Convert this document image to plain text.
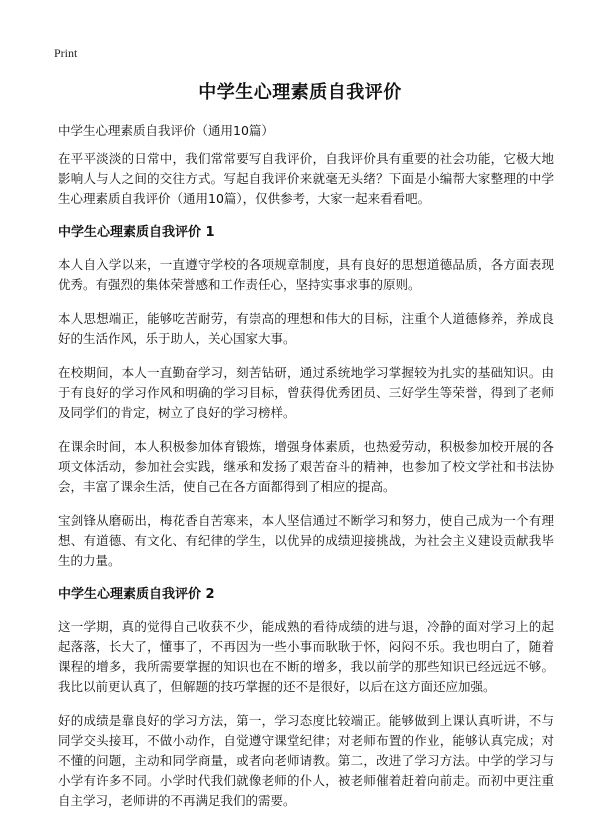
Print
中学生心理素质自我评价
中学生心理素质自我评价（通用10篇）

在平平淡淡的日常中，我们常常要写自我评价，自我评价具有重要的社会功能，它极大地影响人与人之间的交往方式。写起自我评价来就毫无头绪？下面是小编帮大家整理的中学生心理素质自我评价（通用10篇），仅供参考，大家一起来看看吧。

中学生心理素质自我评价 1

本人自入学以来，一直遵守学校的各项规章制度，具有良好的思想道德品质，各方面表现优秀。有强烈的集体荣誉感和工作责任心，坚持实事求事的原则。

本人思想端正，能够吃苦耐劳，有崇高的理想和伟大的目标，注重个人道德修养，养成良好的生活作风，乐于助人，关心国家大事。

在校期间，本人一直勤奋学习，刻苦钻研，通过系统地学习掌握较为扎实的基础知识。由于有良好的学习作风和明确的学习目标，曾获得优秀团员、三好学生等荣誉，得到了老师及同学们的肯定，树立了良好的学习榜样。

在课余时间，本人积极参加体育锻炼，增强身体素质，也热爱劳动，积极参加校开展的各项文体活动，参加社会实践，继承和发扬了艰苦奋斗的精神，也参加了校文学社和书法协会，丰富了课余生活，使自己在各方面都得到了相应的提高。

宝剑锋从磨砺出，梅花香自苦寒来，本人坚信通过不断学习和努力，使自己成为一个有理想、有道德、有文化、有纪律的学生，以优异的成绩迎接挑战，为社会主义建设贡献我毕生的力量。

中学生心理素质自我评价 2

这一学期，真的觉得自己收获不少，能成熟的看待成绩的进与退，冷静的面对学习上的起起落落，长大了，懂事了，不再因为一些小事而耿耿于怀，闷闷不乐。我也明白了，随着课程的增多，我所需要掌握的知识也在不断的增多，我以前学的那些知识已经远远不够。我比以前更认真了，但解题的技巧掌握的还不是很好，以后在这方面还应加强。

好的成绩是靠良好的学习方法，第一，学习态度比较端正。能够做到上课认真听讲，不与同学交头接耳，不做小动作，自觉遵守课堂纪律；对老师布置的作业，能够认真完成；对不懂的问题，主动和同学商量，或者向老师请教。第二，改进了学习方法。中学的学习与小学有许多不同。小学时代我们就像老师的仆人，被老师催着赶着向前走。而初中更注重自主学习，老师讲的不再满足我们的需要。
